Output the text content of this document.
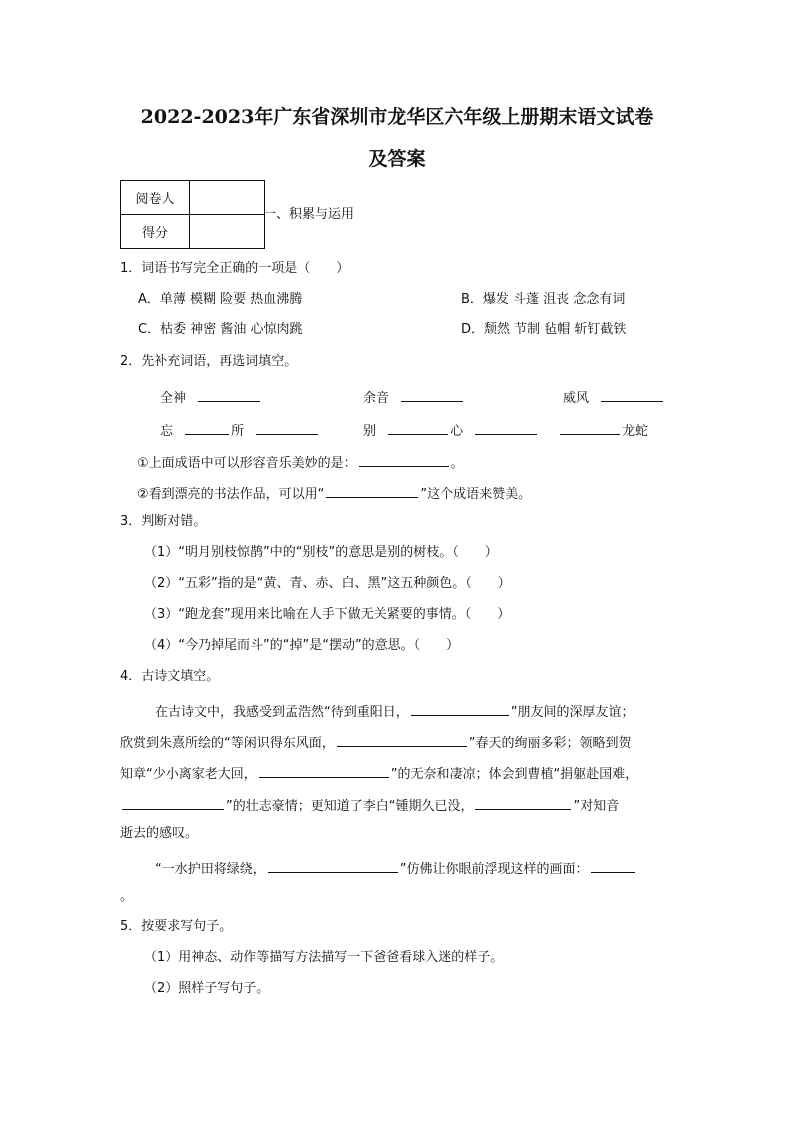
2022-2023年广东省深圳市龙华区六年级上册期末语文试卷
及答案
阅卷人	
得分	
一、积累与运用
1．词语书写完全正确的一项是（　　）
A．单薄 模糊 险要 热血沸腾	B．爆发 斗蓬 沮丧 念念有词
C．枯委 神密 酱油 心惊肉跳	D．颓然 节制 毡帽 斩钉截铁
2．先补充词语，再选词填空。
全神	余音	威风
忘	所	别	心	龙蛇
①上面成语中可以形容音乐美妙的是：	。
②看到漂亮的书法作品，可以用“	”这个成语来赞美。
3．判断对错。
（1）“明月别枝惊鹊”中的“别枝”的意思是别的树枝。（　　）
（2）“五彩”指的是“黄、青、赤、白、黑”这五种颜色。（　　）
（3）“跑龙套”现用来比喻在人手下做无关紧要的事情。（　　）
（4）“今乃掉尾而斗”的“掉”是“摆动”的意思。（　　）
4．古诗文填空。
在古诗文中，我感受到孟浩然“待到重阳日，	”朋友间的深厚友谊；
欣赏到朱熹所绘的“等闲识得东风面，	”春天的绚丽多彩；领略到贺
知章“少小离家老大回，	”的无奈和凄凉；体会到曹植“捐躯赴国难，
”的壮志豪情；更知道了李白“锺期久已没，	”对知音
逝去的感叹。
“一水护田将绿绕，	”仿佛让你眼前浮现这样的画面：
。
5．按要求写句子。
（1）用神态、动作等描写方法描写一下爸爸看球入迷的样子。
（2）照样子写句子。
